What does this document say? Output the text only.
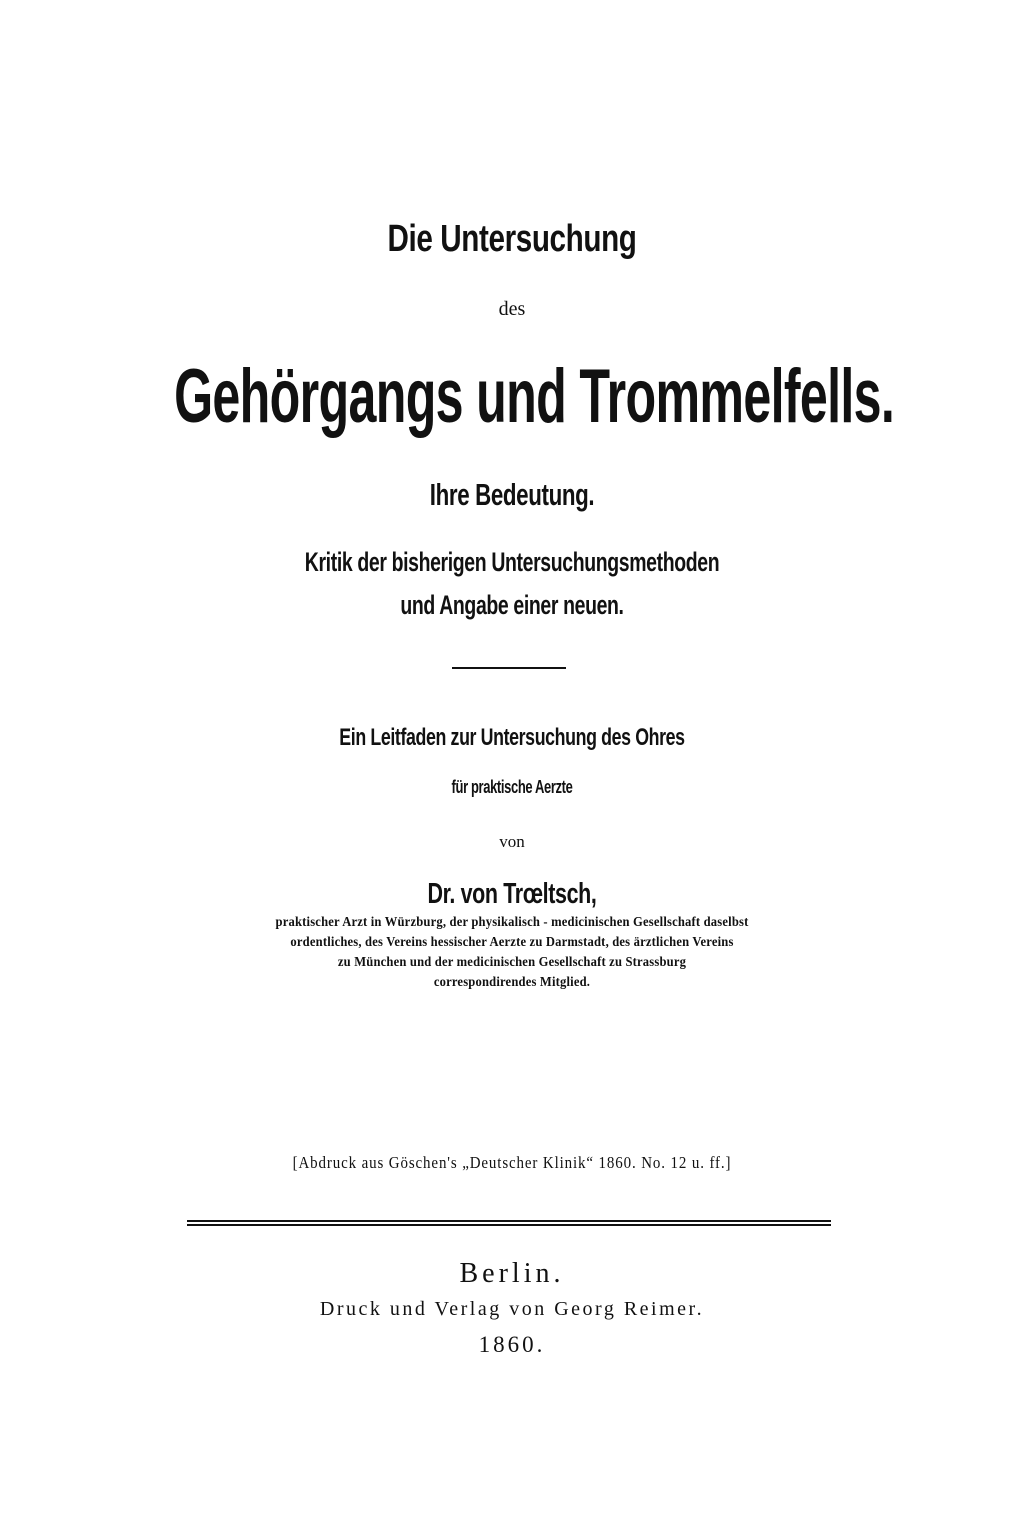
Die Untersuchung
des
Gehörgangs und Trommelfells.
Ihre Bedeutung.
Kritik der bisherigen Untersuchungsmethoden
und Angabe einer neuen.
Ein Leitfaden zur Untersuchung des Ohres
für praktische Aerzte
von
Dr. von Trœltsch,
praktischer Arzt in Würzburg, der physikalisch - medicinischen Gesellschaft daselbst
ordentliches, des Vereins hessischer Aerzte zu Darmstadt, des ärztlichen Vereins
zu München und der medicinischen Gesellschaft zu Strassburg
correspondirendes Mitglied.
[Abdruck aus Göschen's „Deutscher Klinik“ 1860. No. 12 u. ff.]
Berlin.
Druck und Verlag von Georg Reimer.
1860.
